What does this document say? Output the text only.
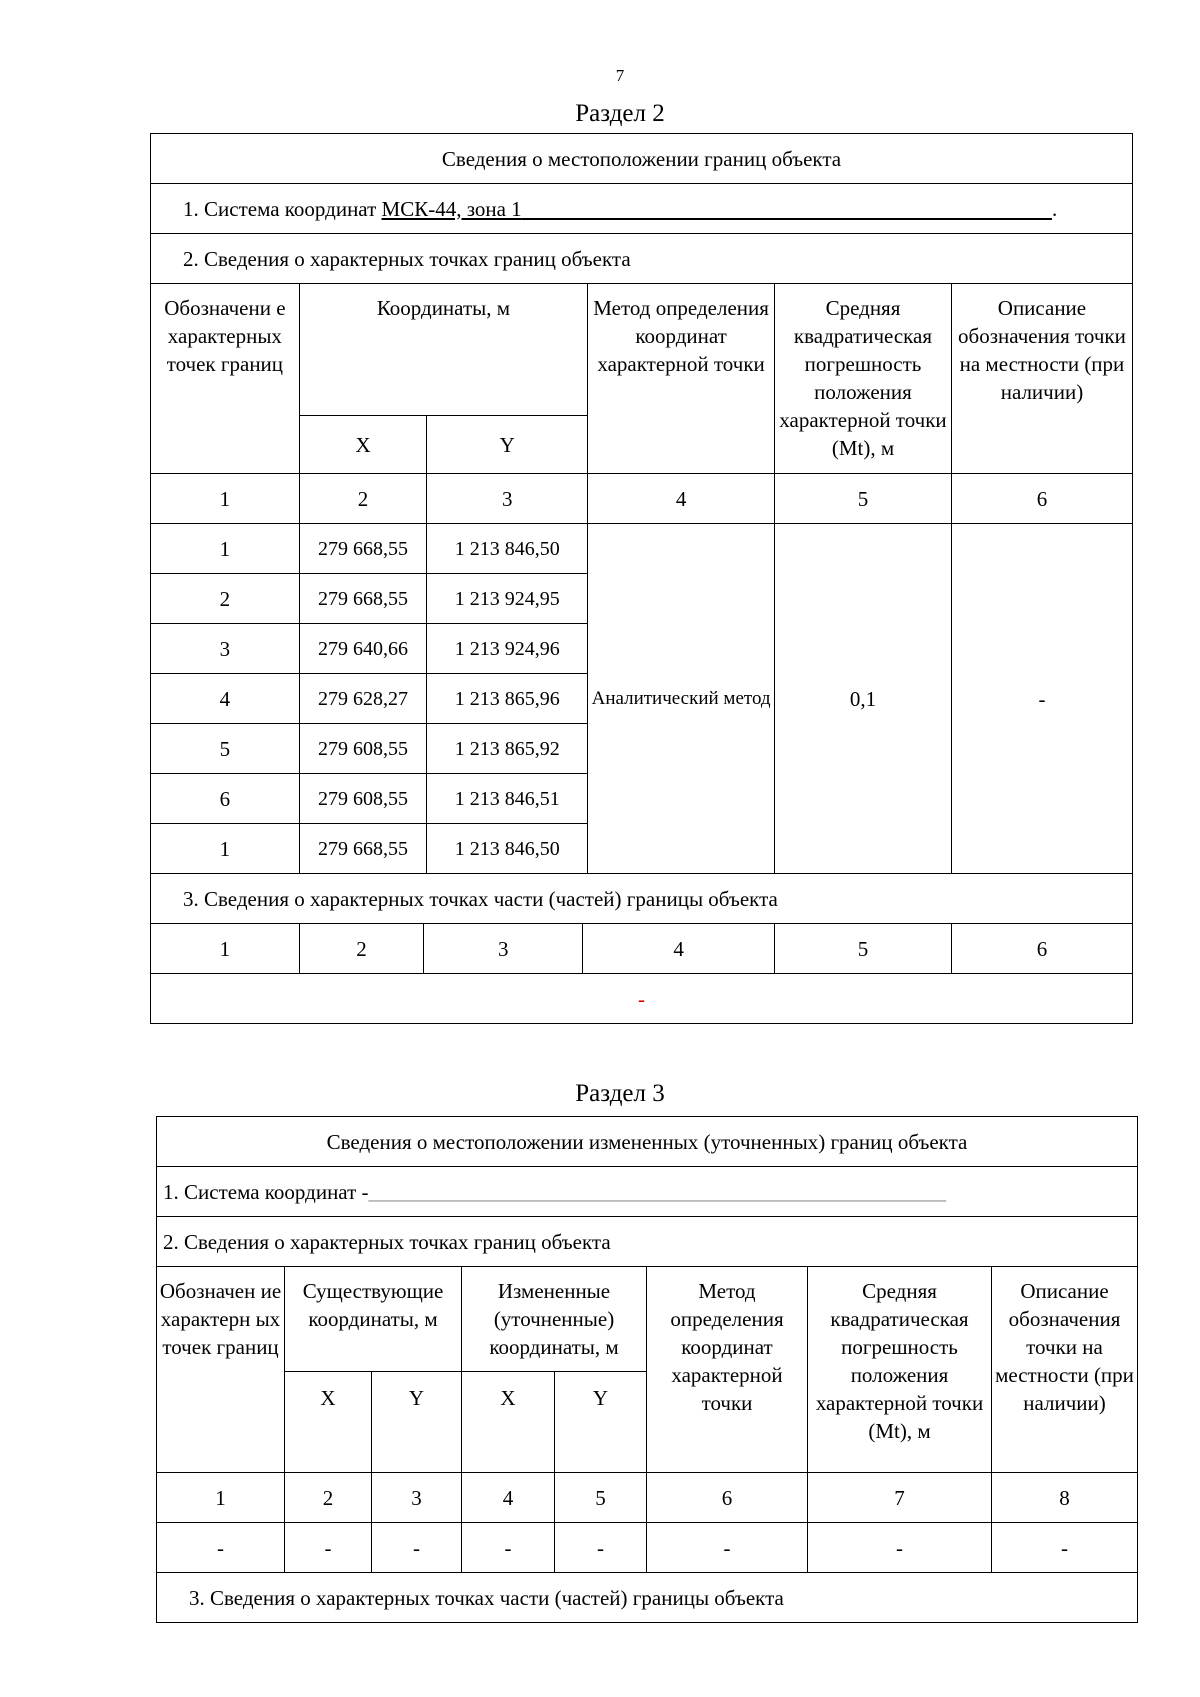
7
Раздел 2
Сведения о местоположении границ объекта							
1. Система координат МСК-44, зона 1 .							
2. Сведения о характерных точках границ объекта							
Обозначени е характерных точек границ	Координаты, м				Метод определения координат характерной точки	Средняя квадратическая погрешность положения характерной точки (Mt), м	Описание обозначения точки на местности (при наличии)
	X		Y				
1	2		3		4	5	6
1	279 668,55		1 213 846,50		Аналитический метод	0,1	-
2	279 668,55		1 213 924,95				
3	279 640,66		1 213 924,96				
4	279 628,27		1 213 865,96				
5	279 608,55		1 213 865,92				
6	279 608,55		1 213 846,51				
1	279 668,55		1 213 846,50				
3. Сведения о характерных точках части (частей) границы объекта							
1	2	3		4		5	6
-							
Раздел 3
Сведения о местоположении измененных (уточненных) границ объекта							
1. Система координат -_______________________________________________________							
2. Сведения о характерных точках границ объекта							
Обозначен ие характерн ых точек границ	Существующие координаты, м		Измененные (уточненные) координаты, м		Метод определения координат характерной точки	Средняя квадратическая погрешность положения характерной точки (Mt), м	Описание обозначения точки на местности (при наличии)
	X	Y	X	Y			
1	2	3	4	5	6	7	8
-	-	-	-	-	-	-	-
3. Сведения о характерных точках части (частей) границы объекта							
